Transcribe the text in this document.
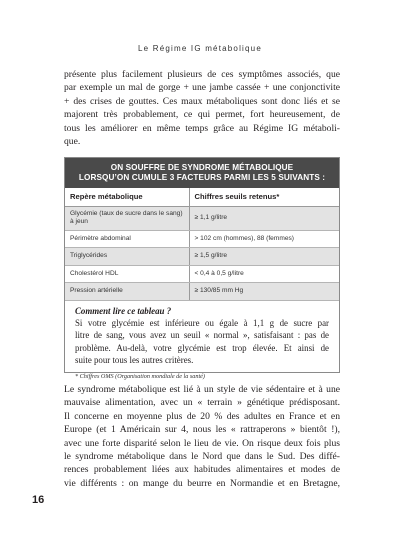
Le Régime IG métabolique
présente plus facilement plusieurs de ces symptômes associés, que
par exemple un mal de gorge + une jambe cassée + une conjonctivite
+ des crises de gouttes. Ces maux métaboliques sont donc liés et se
majorent très probablement, ce qui permet, fort heureusement, de
tous les améliorer en même temps grâce au Régime IG métaboli-
que.
ON SOUFFRE DE SYNDROME MÉTABOLIQUE
LORSQU’ON CUMULE 3 FACTEURS PARMI LES 5 SUIVANTS :
Repère métabolique	Chiffres seuils retenus*
Glycémie (taux de sucre dans le sang) à jeun	≥ 1,1 g/litre
Périmètre abdominal	> 102 cm (hommes), 88 (femmes)
Triglycérides	≥ 1,5 g/litre
Cholestérol HDL	< 0,4 à 0,5 g/litre
Pression artérielle	≥ 130/85 mm Hg
Comment lire ce tableau ?
Si votre glycémie est inférieure ou égale à 1,1 g de sucre par
litre de sang, vous avez un seuil « normal », satisfaisant : pas de
problème. Au-delà, votre glycémie est trop élevée. Et ainsi de
suite pour tous les autres critères.
* Chiffres OMS (Organisation mondiale de la santé)
Le syndrome métabolique est lié à un style de vie sédentaire et à une
mauvaise alimentation, avec un « terrain » génétique prédisposant.
Il concerne en moyenne plus de 20 % des adultes en France et en
Europe (et 1 Américain sur 4, nous les « rattraperons » bientôt !),
avec une forte disparité selon le lieu de vie. On risque deux fois plus
le syndrome métabolique dans le Nord que dans le Sud. Des diffé-
rences probablement liées aux habitudes alimentaires et modes de
vie différents : on mange du beurre en Normandie et en Bretagne,
16
